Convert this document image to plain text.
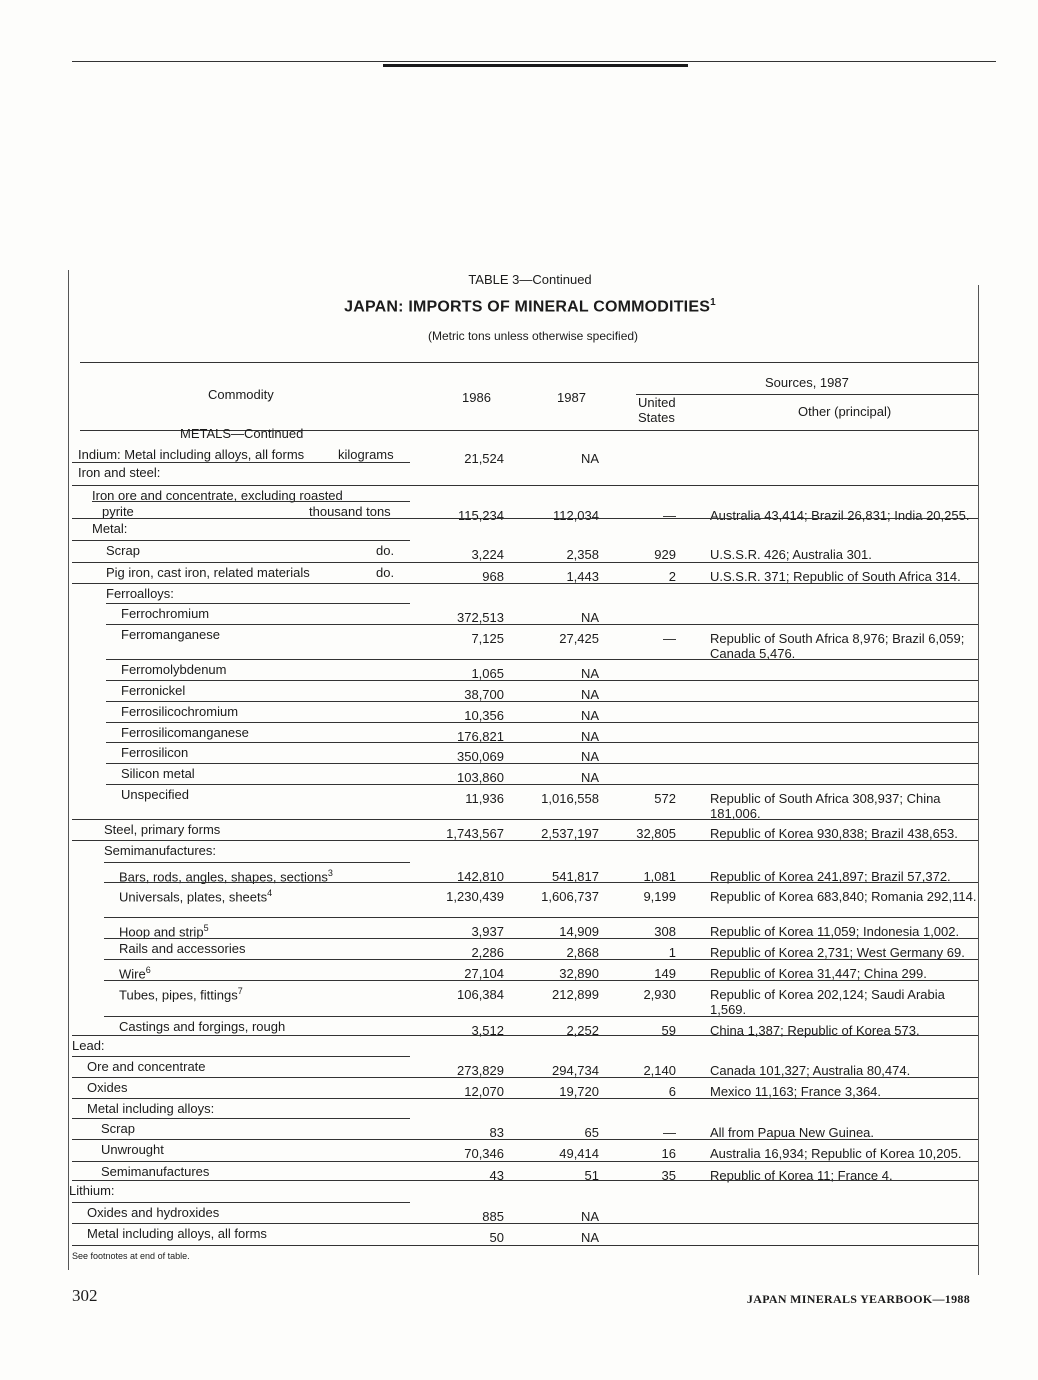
TABLE 3—Continued
JAPAN: IMPORTS OF MINERAL COMMODITIES$^1$
(Metric tons unless otherwise specified)
Commodity	1986	1987
Sources, 1987
United States	Other (principal)
METALS—Continued
Indium: Metal including alloys, all forms	kilograms	21,524	NA
Iron and steel:
Iron ore and concentrate, excluding roasted
pyrite	thousand tons	115,234	112,034	—	Australia 43,414; Brazil 26,831; India 20,255.
Metal:
Scrap	do.	3,224	2,358	929	U.S.S.R. 426; Australia 301.
Pig iron, cast iron, related materials	do.	968	1,443	2	U.S.S.R. 371; Republic of South Africa 314.
Ferroalloys:
Ferrochromium	372,513	NA
Ferromanganese	7,125	27,425	—	Republic of South Africa 8,976; Brazil 6,059; Canada 5,476.
Ferromolybdenum	1,065	NA
Ferronickel	38,700	NA
Ferrosilicochromium	10,356	NA
Ferrosilicomanganese	176,821	NA
Ferrosilicon	350,069	NA
Silicon metal	103,860	NA
Unspecified	11,936	1,016,558	572	Republic of South Africa 308,937; China 181,006.
Steel, primary forms	1,743,567	2,537,197	32,805	Republic of Korea 930,838; Brazil 438,653.
Semimanufactures:
Bars, rods, angles, shapes, sections$^3$	142,810	541,817	1,081	Republic of Korea 241,897; Brazil 57,372.
Universals, plates, sheets$^4$	1,230,439	1,606,737	9,199	Republic of Korea 683,840; Romania 292,114.
Hoop and strip$^5$	3,937	14,909	308	Republic of Korea 11,059; Indonesia 1,002.
Rails and accessories	2,286	2,868	1	Republic of Korea 2,731; West Germany 69.
Wire$^6$	27,104	32,890	149	Republic of Korea 31,447; China 299.
Tubes, pipes, fittings$^7$	106,384	212,899	2,930	Republic of Korea 202,124; Saudi Arabia 1,569.
Castings and forgings, rough	3,512	2,252	59	China 1,387; Republic of Korea 573.
Lead:
Ore and concentrate	273,829	294,734	2,140	Canada 101,327; Australia 80,474.
Oxides	12,070	19,720	6	Mexico 11,163; France 3,364.
Metal including alloys:
Scrap	83	65	—	All from Papua New Guinea.
Unwrought	70,346	49,414	16	Australia 16,934; Republic of Korea 10,205.
Semimanufactures	43	51	35	Republic of Korea 11; France 4.
Lithium:
Oxides and hydroxides	885	NA
Metal including alloys, all forms	50	NA
See footnotes at end of table.
302	JAPAN MINERALS YEARBOOK—1988
